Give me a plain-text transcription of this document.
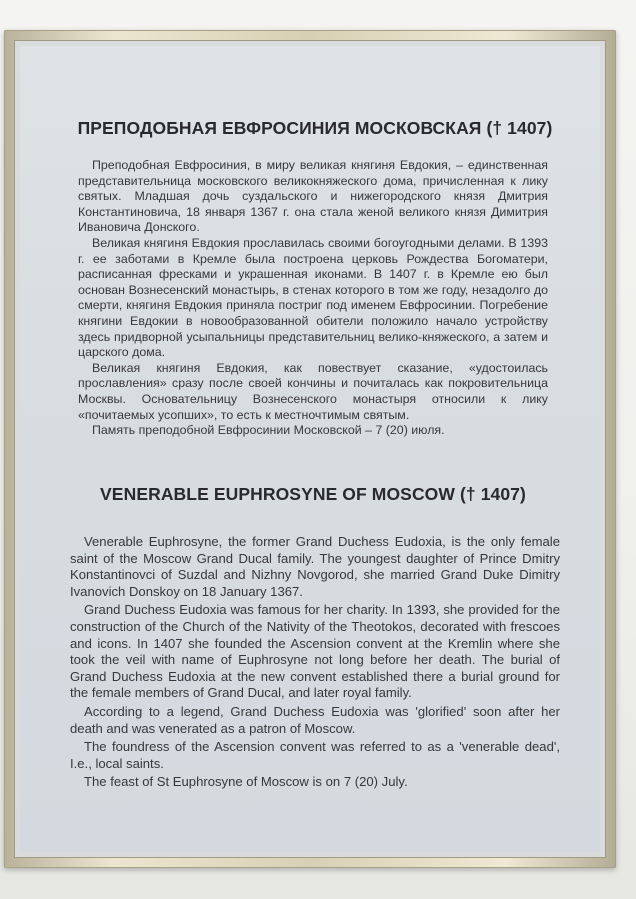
ПРЕПОДОБНАЯ ЕВФРОСИНИЯ МОСКОВСКАЯ († 1407)

Преподобная Евфросиния, в миру великая княгиня Евдокия, – единственная представительница московского великокняжеского дома, причисленная к лику святых. Младшая дочь суздальского и нижегородского князя Дмитрия Константиновича, 18 января 1367 г. она стала женой великого князя Димитрия Ивановича Донского.

Великая княгиня Евдокия прославилась своими богоугодными делами. В 1393 г. ее заботами в Кремле была построена церковь Рождества Богоматери, расписанная фресками и украшенная иконами. В 1407 г. в Кремле ею был основан Вознесенский монастырь, в стенах которого в том же году, незадолго до смерти, княгиня Евдокия приняла постриг под именем Евфросинии. Погребение княгини Евдокии в новообразованной обители положило начало устройству здесь придворной усыпальницы представительниц велико-княжеского, а затем и царского дома.

Великая княгиня Евдокия, как повествует сказание, «удостоилась прославления» сразу после своей кончины и почиталась как покровительница Москвы. Основательницу Вознесенского монастыря относили к лику «почитаемых усопших», то есть к местночтимым святым.

Память преподобной Евфросинии Московской – 7 (20) июля.

VENERABLE EUPHROSYNE OF MOSCOW († 1407)

Venerable Euphrosyne, the former Grand Duchess Eudoxia, is the only female saint of the Moscow Grand Ducal family. The youngest daughter of Prince Dmitry Konstantinovci of Suzdal and Nizhny Novgorod, she married Grand Duke Dimitry Ivanovich Donskoy on 18 January 1367.

Grand Duchess Eudoxia was famous for her charity. In 1393, she provided for the construction of the Church of the Nativity of the Theotokos, decorated with frescoes and icons. In 1407 she founded the Ascension convent at the Kremlin where she took the veil with name of Euphrosyne not long before her death. The burial of Grand Duchess Eudoxia at the new convent established there a burial ground for the female members of Grand Ducal, and later royal family.

According to a legend, Grand Duchess Eudoxia was 'glorified' soon after her death and was venerated as a patron of Moscow.

The foundress of the Ascension convent was referred to as a 'venerable dead', I.e., local saints.

The feast of St Euphrosyne of Moscow is on 7 (20) July.
